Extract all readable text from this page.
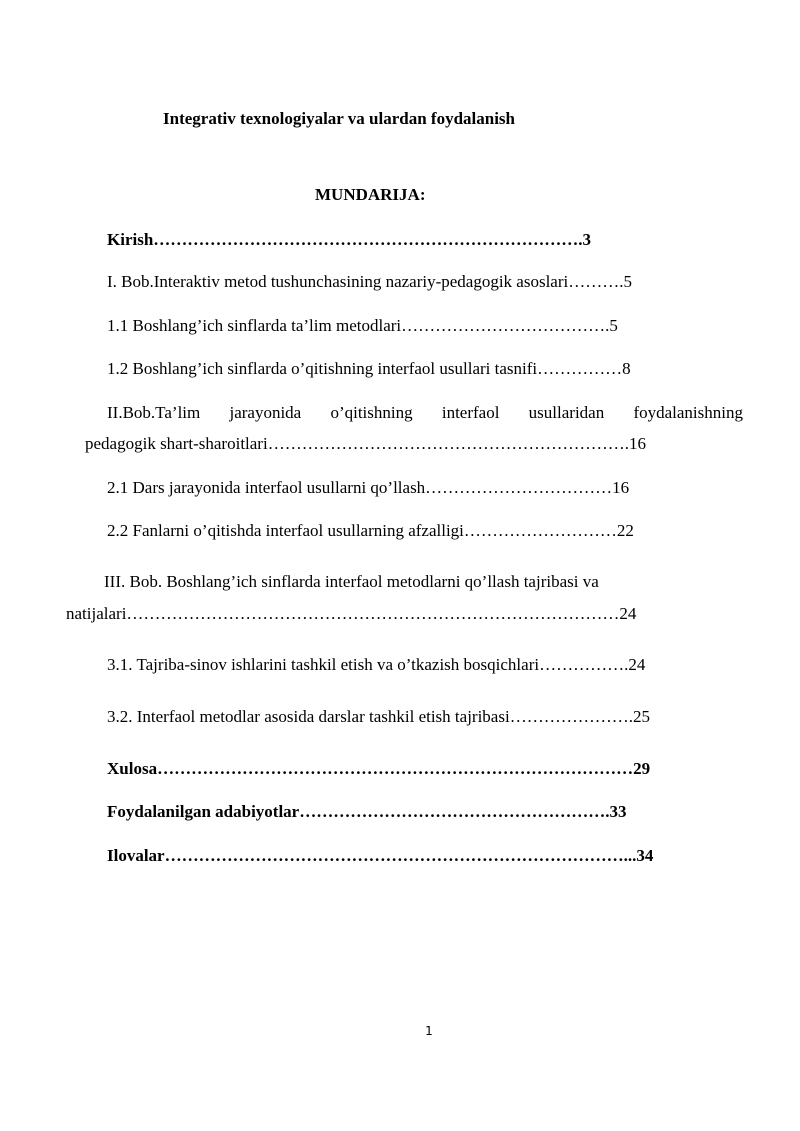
Integrativ texnologiyalar va ulardan foydalanish
MUNDARIJA:
Kirish………………………………………………………………….3
I. Bob.Interaktiv metod tushunchasining nazariy-pedagogik asoslari……….5
1.1 Boshlang’ich sinflarda ta’lim metodlari……………………………….5
1.2 Boshlang’ich sinflarda o’qitishning interfaol usullari tasnifi……………8
II.Bob.Ta’lim jarayonida o’qitishning interfaol usullaridan foydalanishning
pedagogik shart-sharoitlari……………………………………………………….16
2.1 Dars jarayonida interfaol usullarni qo’llash……………………………16
2.2 Fanlarni o’qitishda interfaol usullarning afzalligi………………………22
III. Bob. Boshlang’ich sinflarda interfaol metodlarni qo’llash tajribasi va
natijalari……………………………………………………………………………24
3.1. Tajriba-sinov ishlarini tashkil etish va o’tkazish bosqichlari…………….24
3.2. Interfaol metodlar asosida darslar tashkil etish tajribasi………………….25
Xulosa…………………………………………………………………………29
Foydalanilgan adabiyotlar……………………………………………….33
Ilovalar………………………………………………………………………...34
1
